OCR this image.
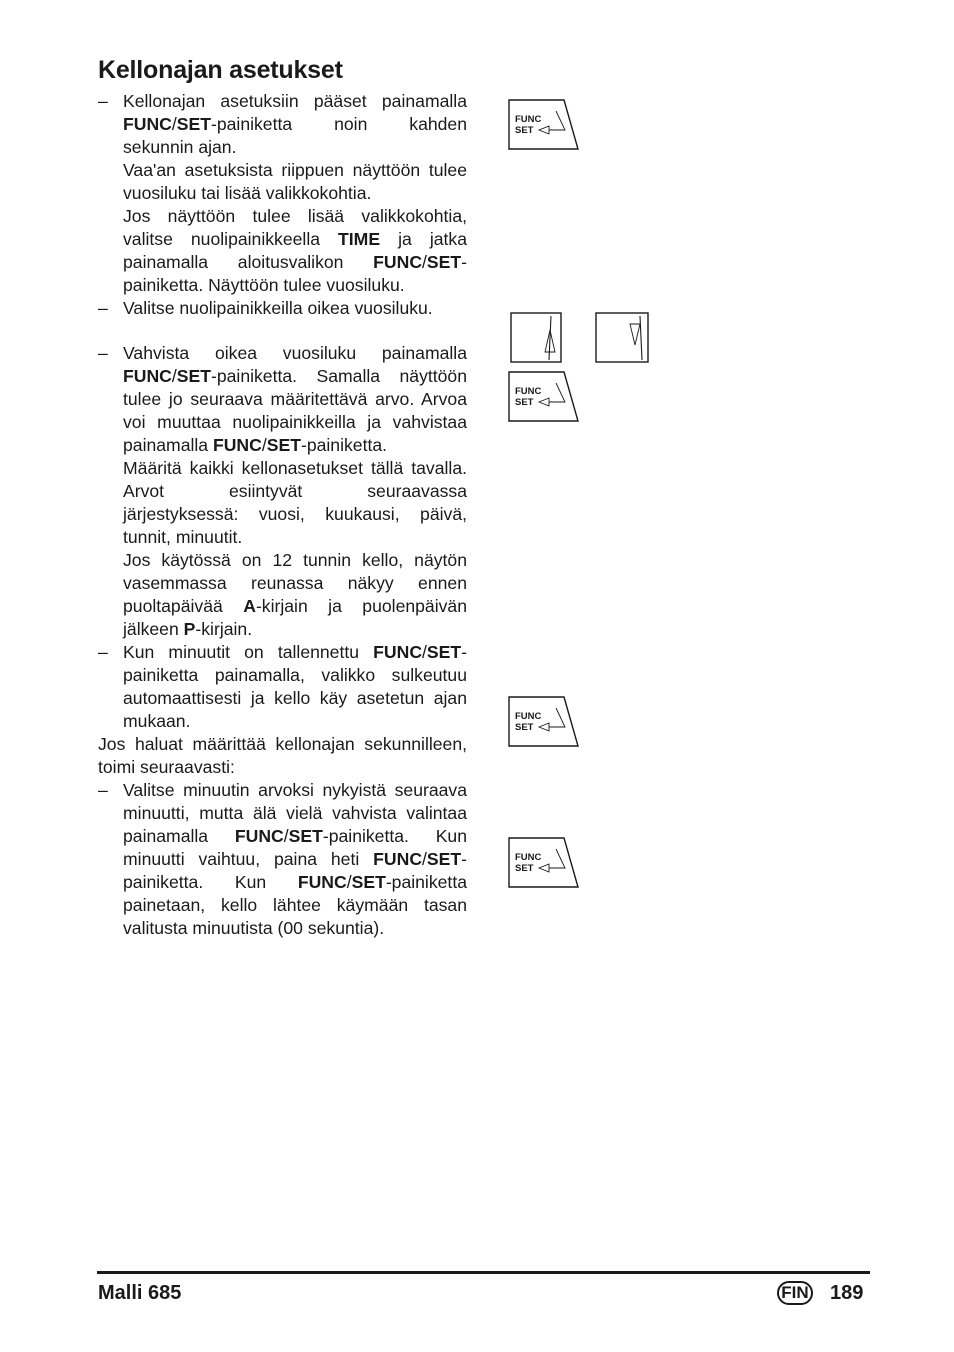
Kellonajan asetukset

– Kellonajan asetuksiin pääset painamalla FUNC/SET-painiketta noin kahden sekunnin ajan.

Vaa'an asetuksista riippuen näyttöön tulee vuosiluku tai lisää valikkokohtia.

Jos näyttöön tulee lisää valikkokohtia, valitse nuolipainikkeella TIME ja jatka painamalla aloitusvalikon FUNC/SET-painiketta. Näyttöön tulee vuosiluku.

– Valitse nuolipainikkeilla oikea vuosiluku.

– Vahvista oikea vuosiluku painamalla FUNC/SET-painiketta. Samalla näyttöön tulee jo seuraava määritettävä arvo. Arvoa voi muuttaa nuolipainikkeilla ja vahvistaa painamalla FUNC/SET-painiketta.

Määritä kaikki kellonasetukset tällä tavalla. Arvot esiintyvät seuraavassa järjestyksessä: vuosi, kuukausi, päivä, tunnit, minuutit.

Jos käytössä on 12 tunnin kello, näytön vasemmassa reunassa näkyy ennen puoltapäivää A-kirjain ja puolenpäivän jälkeen P-kirjain.

– Kun minuutit on tallennettu FUNC/SET-painiketta painamalla, valikko sulkeutuu automaattisesti ja kello käy asetetun ajan mukaan.

Jos haluat määrittää kellonajan sekunnilleen, toimi seuraavasti:

– Valitse minuutin arvoksi nykyistä seuraava minuutti, mutta älä vielä vahvista valintaa painamalla FUNC/SET-painiketta. Kun minuutti vaihtuu, paina heti FUNC/SET-painiketta. Kun FUNC/SET-painiketta painetaan, kello lähtee käymään tasan valitusta minuutista (00 sekuntia).

FUNC
SET
FUNC
SET
FUNC
SET
FUNC
SET
Malli 685	FIN 189
